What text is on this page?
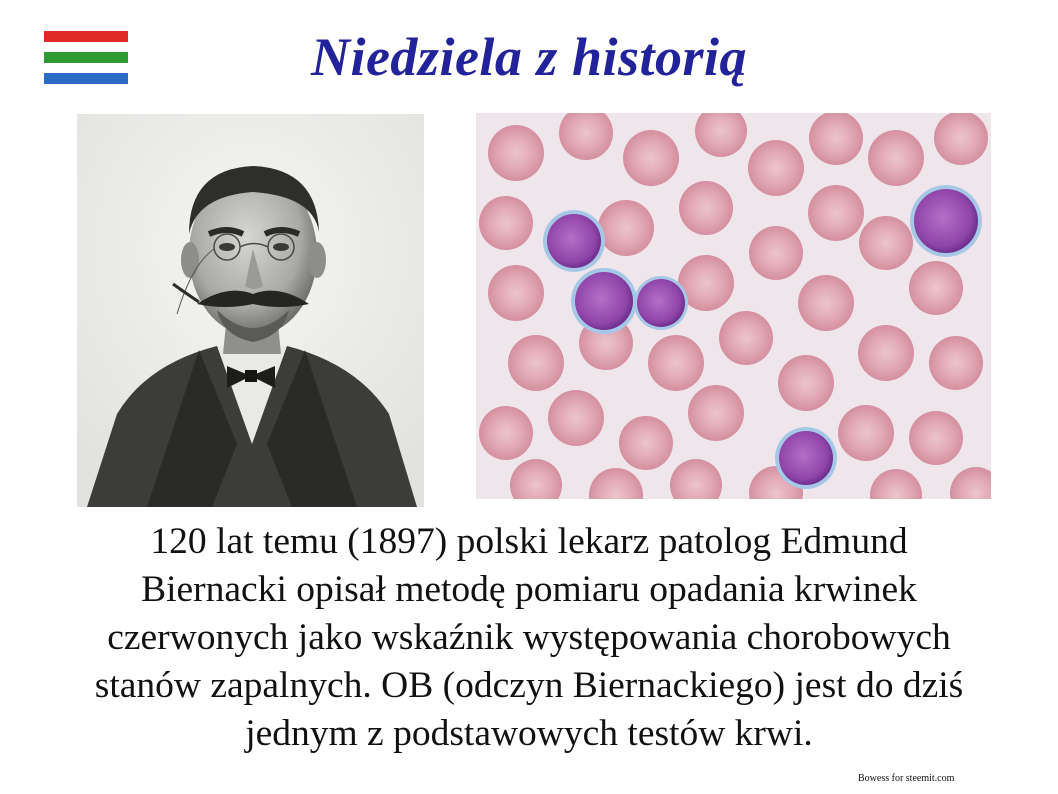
Niedziela z historią

120 lat temu (1897) polski lekarz patolog Edmund
Biernacki opisał metodę pomiaru opadania krwinek
czerwonych jako wskaźnik występowania chorobowych
stanów zapalnych. OB (odczyn Biernackiego) jest do dziś
jednym z podstawowych testów krwi.

Bowess for steemit.com
